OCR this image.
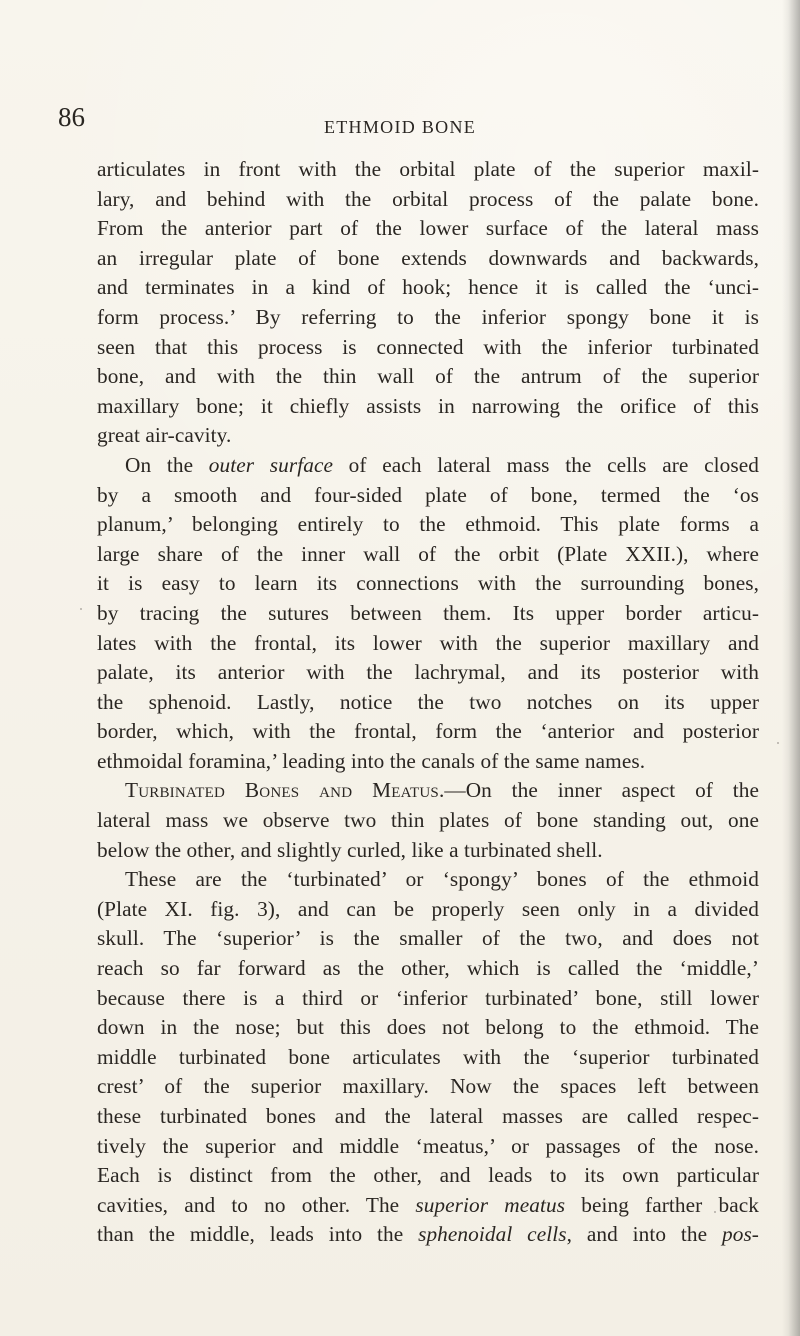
86	ETHMOID BONE
articulates in front with the orbital plate of the superior maxil-
lary, and behind with the orbital process of the palate bone.
From the anterior part of the lower surface of the lateral mass
an irregular plate of bone extends downwards and backwards,
and terminates in a kind of hook; hence it is called the ‘unci-
form process.’ By referring to the inferior spongy bone it is
seen that this process is connected with the inferior turbinated
bone, and with the thin wall of the antrum of the superior
maxillary bone; it chiefly assists in narrowing the orifice of this
great air-cavity.
On the outer surface of each lateral mass the cells are closed
by a smooth and four-sided plate of bone, termed the ‘os
planum,’ belonging entirely to the ethmoid. This plate forms a
large share of the inner wall of the orbit (Plate XXII.), where
it is easy to learn its connections with the surrounding bones,
by tracing the sutures between them. Its upper border articu-
lates with the frontal, its lower with the superior maxillary and
palate, its anterior with the lachrymal, and its posterior with
the sphenoid. Lastly, notice the two notches on its upper
border, which, with the frontal, form the ‘anterior and posterior
ethmoidal foramina,’ leading into the canals of the same names.
Turbinated Bones and Meatus.—On the inner aspect of the
lateral mass we observe two thin plates of bone standing out, one
below the other, and slightly curled, like a turbinated shell.
These are the ‘turbinated’ or ‘spongy’ bones of the ethmoid
(Plate XI. fig. 3), and can be properly seen only in a divided
skull. The ‘superior’ is the smaller of the two, and does not
reach so far forward as the other, which is called the ‘middle,’
because there is a third or ‘inferior turbinated’ bone, still lower
down in the nose; but this does not belong to the ethmoid. The
middle turbinated bone articulates with the ‘superior turbinated
crest’ of the superior maxillary. Now the spaces left between
these turbinated bones and the lateral masses are called respec-
tively the superior and middle ‘meatus,’ or passages of the nose.
Each is distinct from the other, and leads to its own particular
cavities, and to no other. The superior meatus being farther back
than the middle, leads into the sphenoidal cells, and into the pos-
